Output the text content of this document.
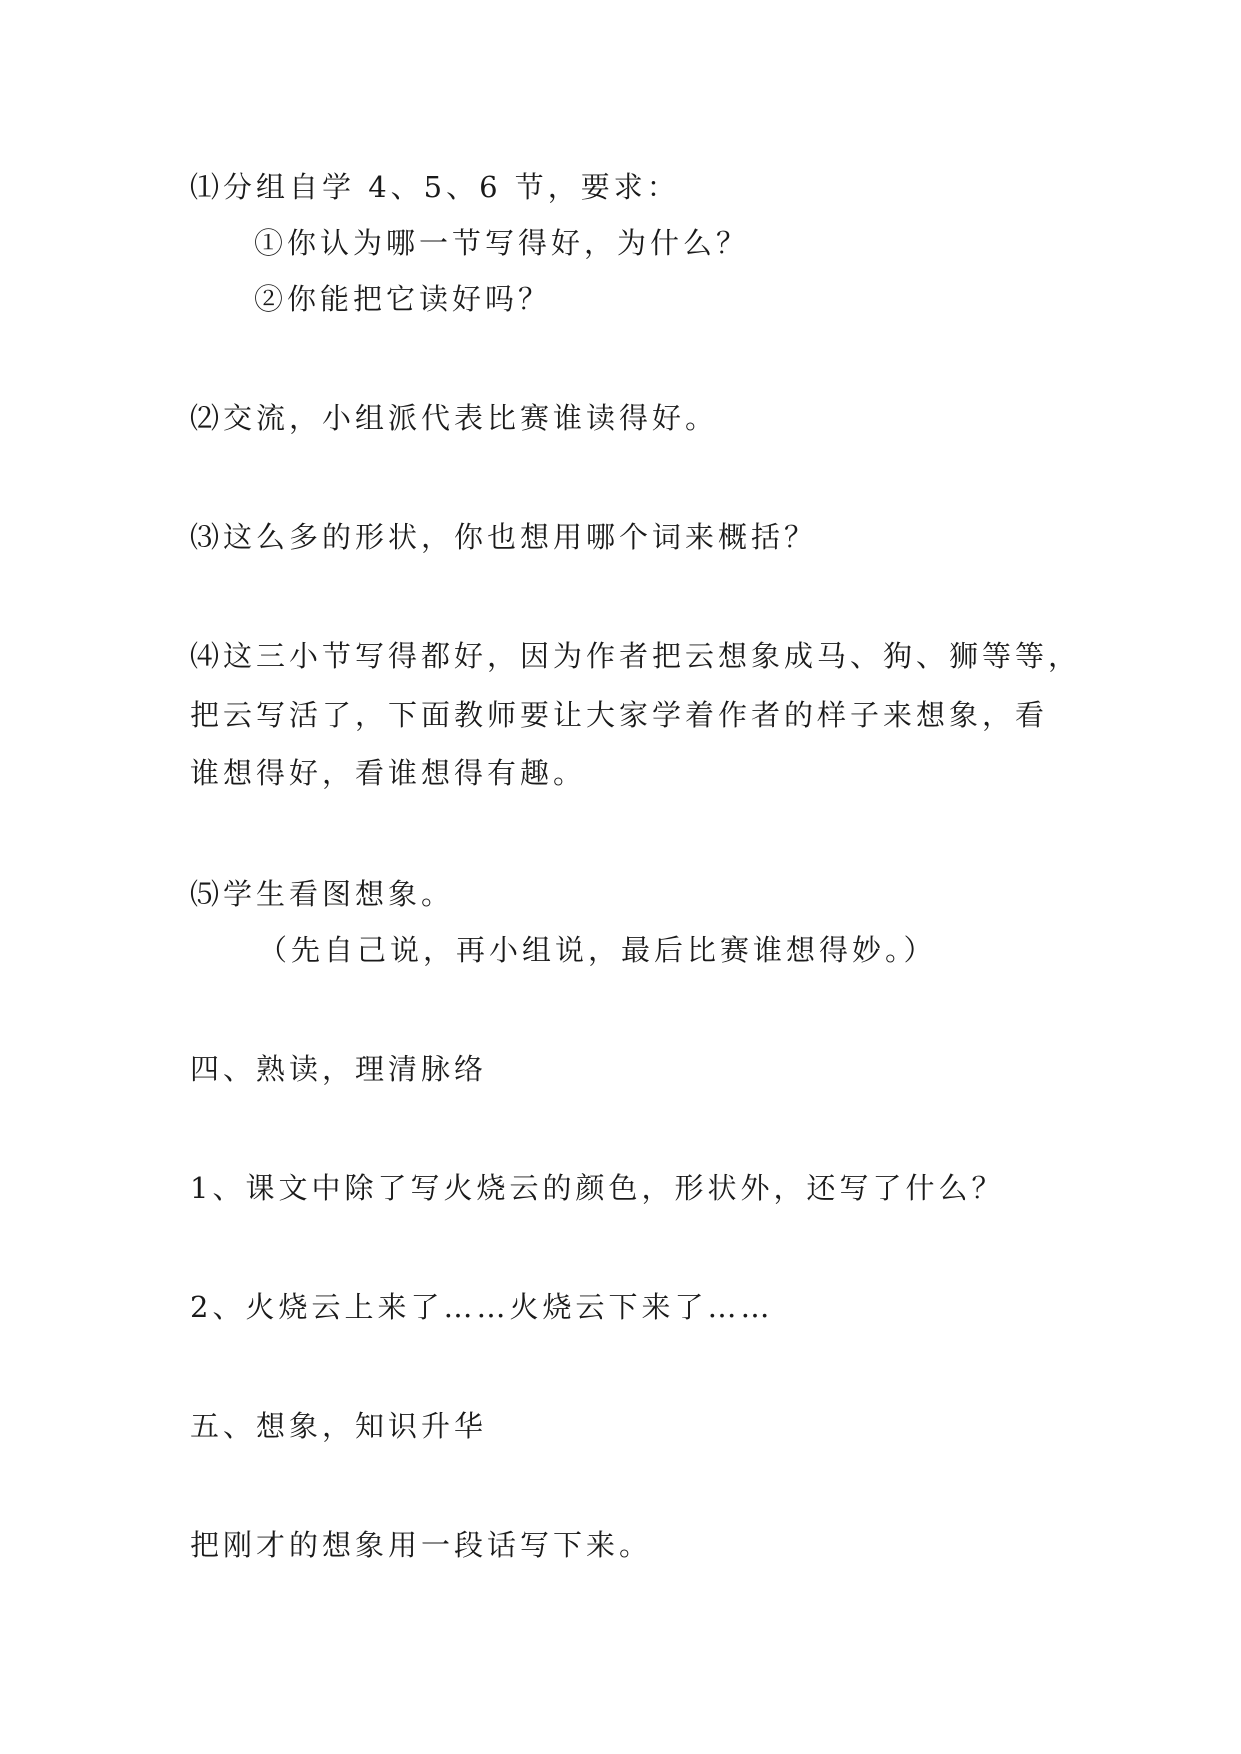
⑴分组自学 4、5、6 节，要求：

①你认为哪一节写得好，为什么？

②你能把它读好吗？

⑵交流，小组派代表比赛谁读得好。

⑶这么多的形状，你也想用哪个词来概括？

⑷这三小节写得都好，因为作者把云想象成马、狗、狮等等，

把云写活了，下面教师要让大家学着作者的样子来想象，看

谁想得好，看谁想得有趣。

⑸学生看图想象。

（先自己说，再小组说，最后比赛谁想得妙。）

四、熟读，理清脉络

1、课文中除了写火烧云的颜色，形状外，还写了什么？

2、火烧云上来了……火烧云下来了……

五、想象，知识升华

把刚才的想象用一段话写下来。
